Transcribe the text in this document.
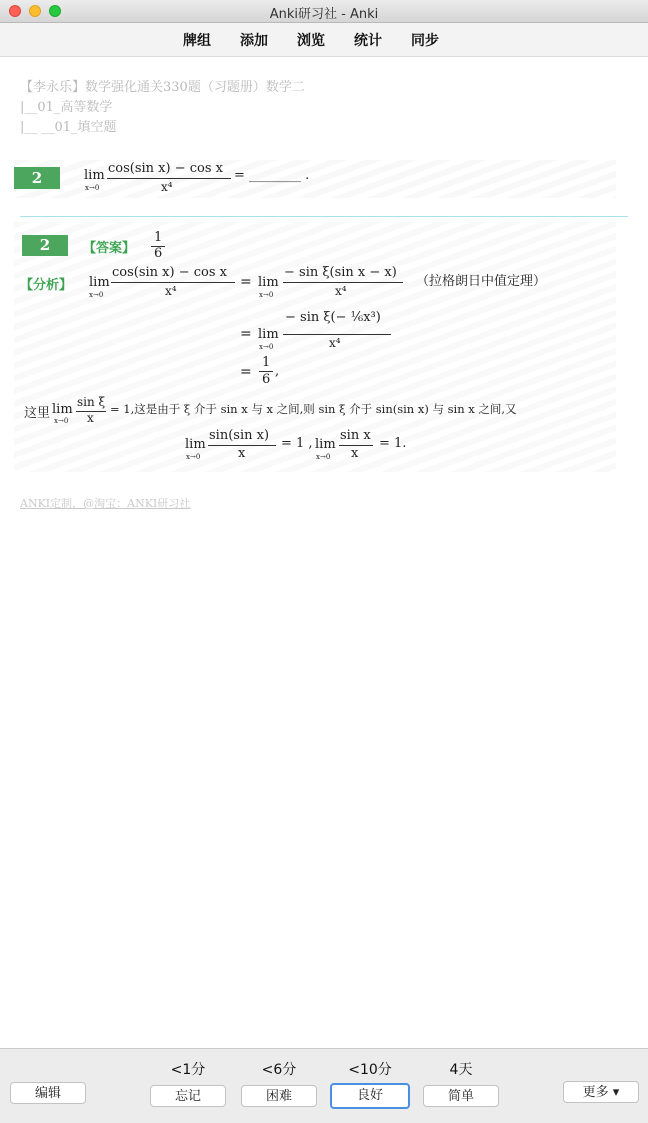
Anki研习社 - Anki
牌组 添加 浏览 统计 同步
【李永乐】数学强化通关330题（习题册）数学二
|__01_高等数学
|__ __01_填空题
2	lim
x→0
cos(sin x) − cos x
x⁴
= ________ .
2	【答案】
1
6
【分析】 lim
x→0
cos(sin x) − cos x
x⁴
= lim
x→0
− sin ξ(sin x − x)
x⁴
（拉格朗日中值定理）
= lim
x→0
− sin ξ(− ⅙x³)
x⁴
=
1
6
,
这里 lim
x→0
sin ξ
x
= 1,这是由于 ξ 介于 sin x 与 x 之间,则 sin ξ 介于 sin(sin x) 与 sin x 之间,又
lim
x→0
sin(sin x)
x
= 1 , lim
x→0
sin x
x
= 1.
ANKI定制，@淘宝：ANKI研习社
编辑
<1分
忘记
<6分
困难
<10分
良好
4天
简单	更多 ▾
